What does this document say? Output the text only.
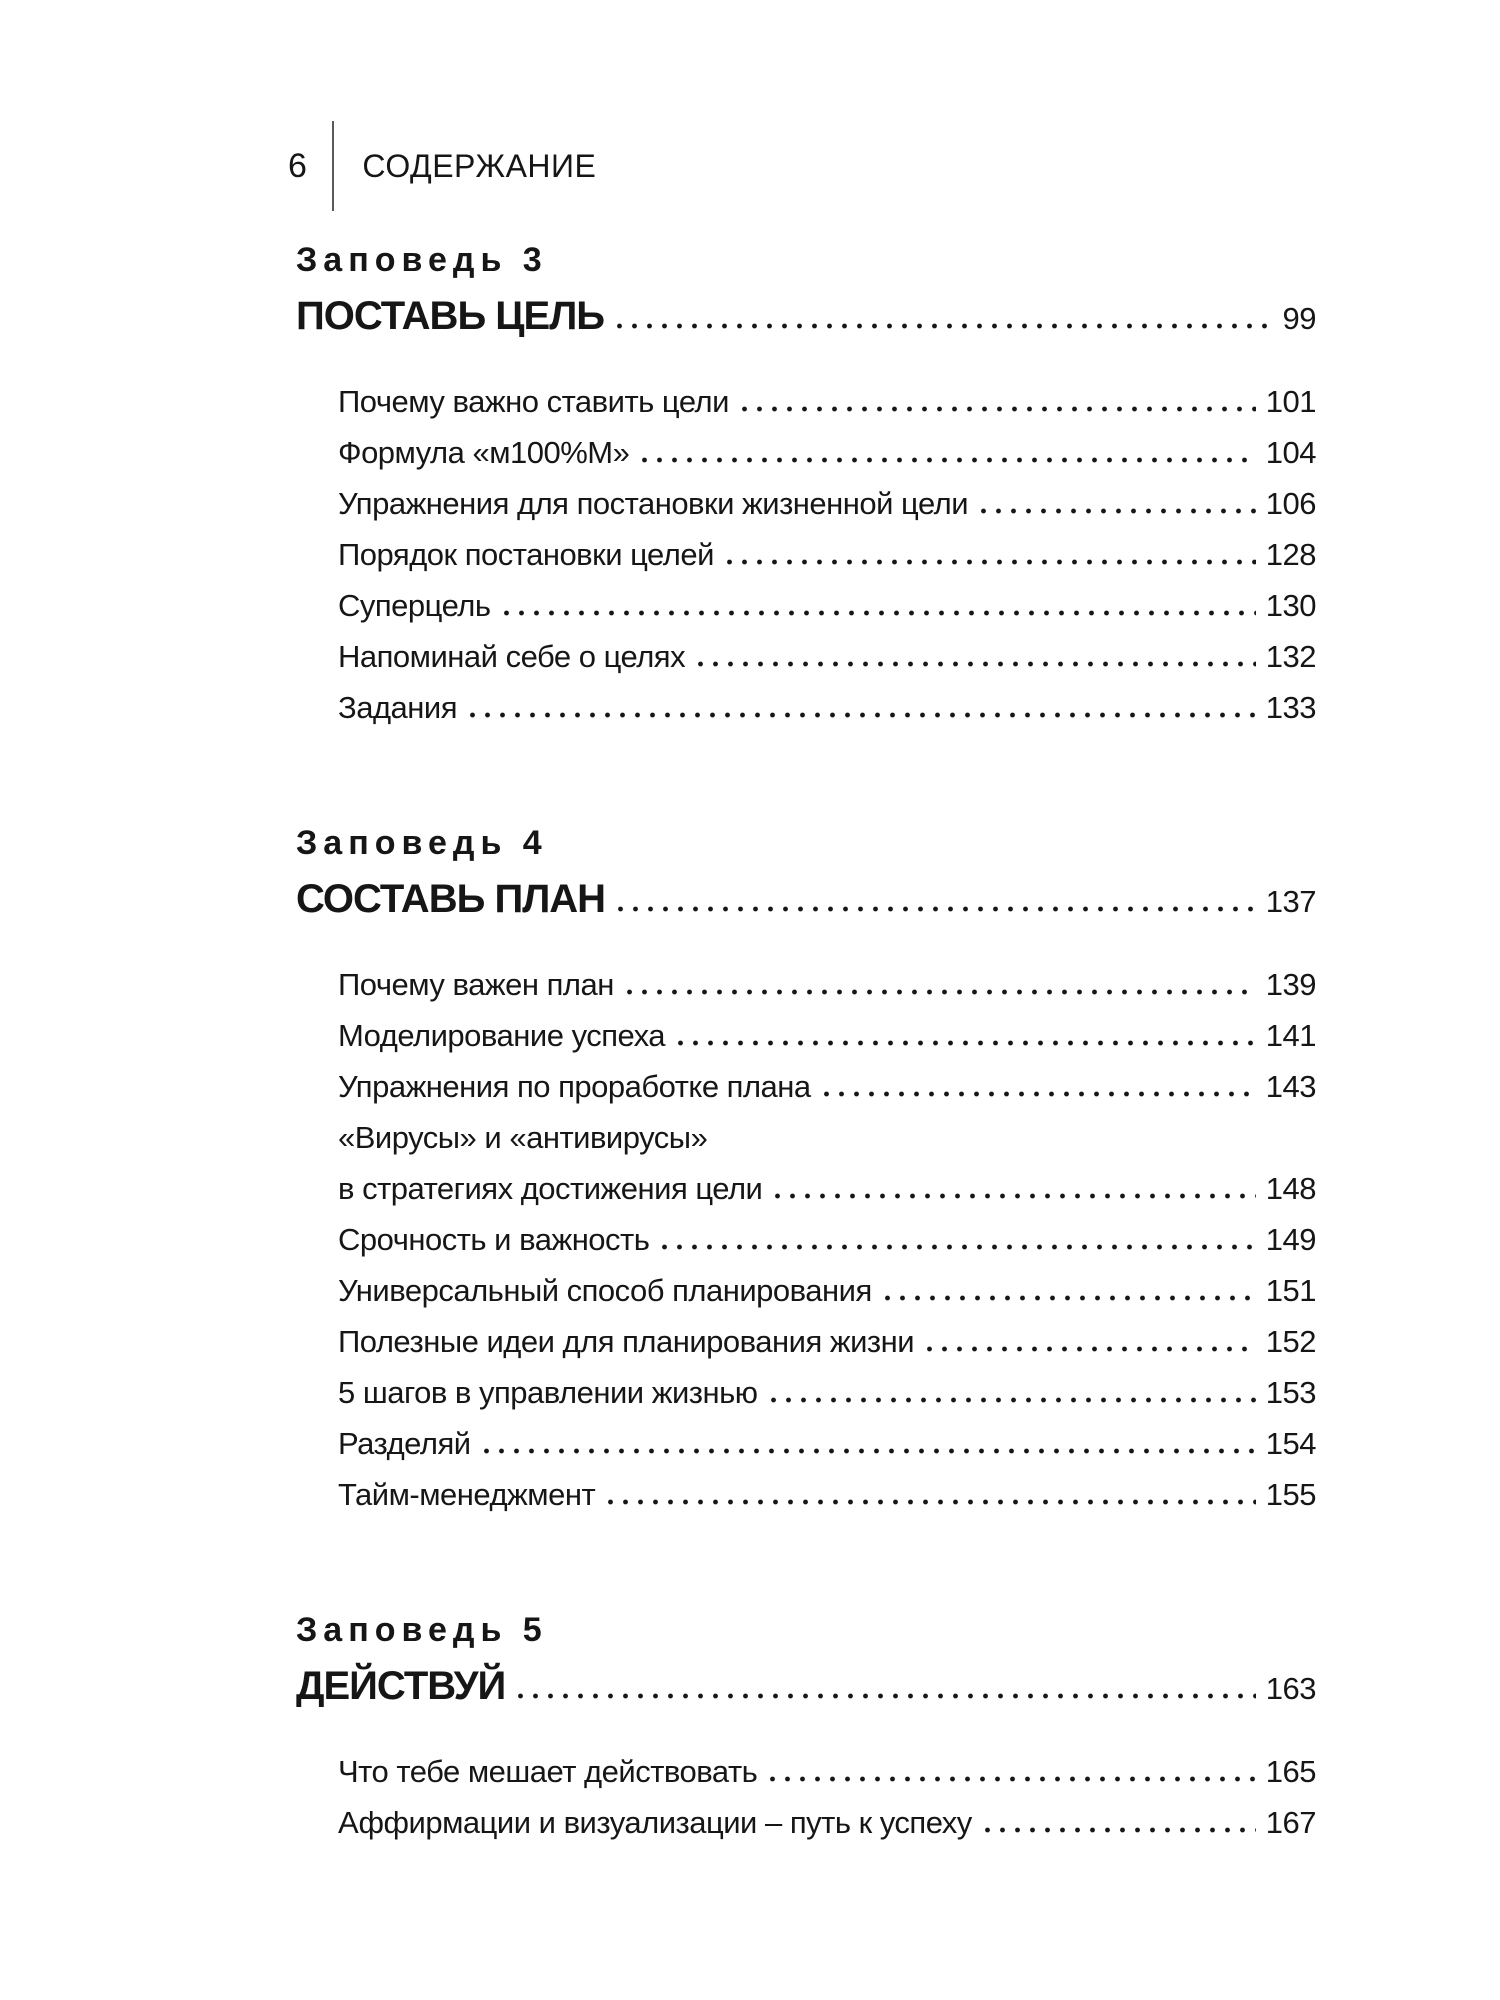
6 СОДЕРЖАНИЕ
Заповедь 3
ПОСТАВЬ ЦЕЛЬ	99
Почему важно ставить цели	101
Формула «м100%М»	104
Упражнения для постановки жизненной цели	106
Порядок постановки целей	128
Суперцель	130
Напоминай себе о целях	132
Задания	133
Заповедь 4
СОСТАВЬ ПЛАН	137
Почему важен план	139
Моделирование успеха	141
Упражнения по проработке плана	143
«Вирусы» и «антивирусы»
в стратегиях достижения цели	148
Срочность и важность	149
Универсальный способ планирования	151
Полезные идеи для планирования жизни	152
5 шагов в управлении жизнью	153
Разделяй	154
Тайм-менеджмент	155
Заповедь 5
ДЕЙСТВУЙ	163
Что тебе мешает действовать	165
Аффирмации и визуализации – путь к успеху	167
